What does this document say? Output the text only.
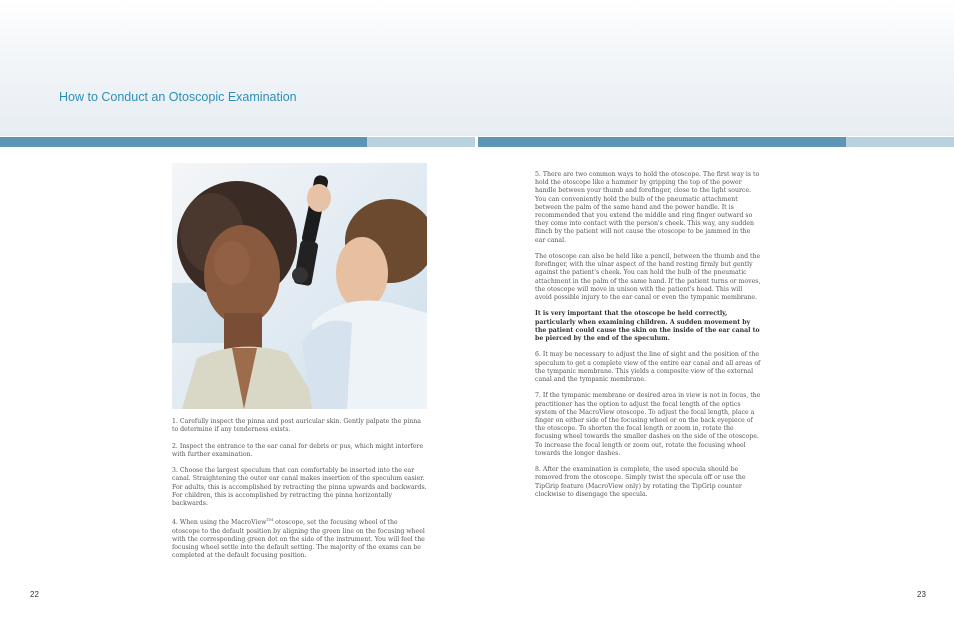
How to Conduct an Otoscopic Examination

1. Carefully inspect the pinna and post auricular skin. Gently palpate the pinna to determine if any tenderness exists.

2. Inspect the entrance to the ear canal for debris or pus, which might interfere with further examination.

3. Choose the largest speculum that can comfortably be inserted into the ear canal. Straightening the outer ear canal makes insertion of the speculum easier. For adults, this is accomplished by retracting the pinna upwards and backwards. For children, this is accomplished by retracting the pinna horizontally backwards.

4. When using the MacroView™ otoscope, set the focusing wheel of the otoscope to the default position by aligning the green line on the focusing wheel with the corresponding green dot on the side of the instrument. You will feel the focusing wheel settle into the default setting. The majority of the exams can be completed at the default focusing position.

5. There are two common ways to hold the otoscope. The first way is to hold the otoscope like a hammer by gripping the top of the power handle between your thumb and forefinger, close to the light source. You can conveniently hold the bulb of the pneumatic attachment between the palm of the same hand and the power handle. It is recommended that you extend the middle and ring finger outward so they come into contact with the person's cheek. This way, any sudden flinch by the patient will not cause the otoscope to be jammed in the ear canal.

The otoscope can also be held like a pencil, between the thumb and the forefinger, with the ulnar aspect of the hand resting firmly but gently against the patient's cheek. You can hold the bulb of the pneumatic attachment in the palm of the same hand. If the patient turns or moves, the otoscope will move in unison with the patient's head. This will avoid possible injury to the ear canal or even the tympanic membrane.

It is very important that the otoscope be held correctly, particularly when examining children. A sudden movement by the patient could cause the skin on the inside of the ear canal to be pierced by the end of the speculum.

6. It may be necessary to adjust the line of sight and the position of the speculum to get a complete view of the entire ear canal and all areas of the tympanic membrane. This yields a composite view of the external canal and the tympanic membrane.

7. If the tympanic membrane or desired area in view is not in focus, the practitioner has the option to adjust the focal length of the optics system of the MacroView otoscope. To adjust the focal length, place a finger on either side of the focusing wheel or on the back eyepiece of the otoscope. To shorten the focal length or zoom in, rotate the focusing wheel towards the smaller dashes on the side of the otoscope. To increase the focal length or zoom out, rotate the focusing wheel towards the longer dashes.

8. After the examination is complete, the used specula should be removed from the otoscope. Simply twist the specula off or use the TipGrip feature (MacroView only) by rotating the TipGrip counter clockwise to disengage the specula.

22	23
